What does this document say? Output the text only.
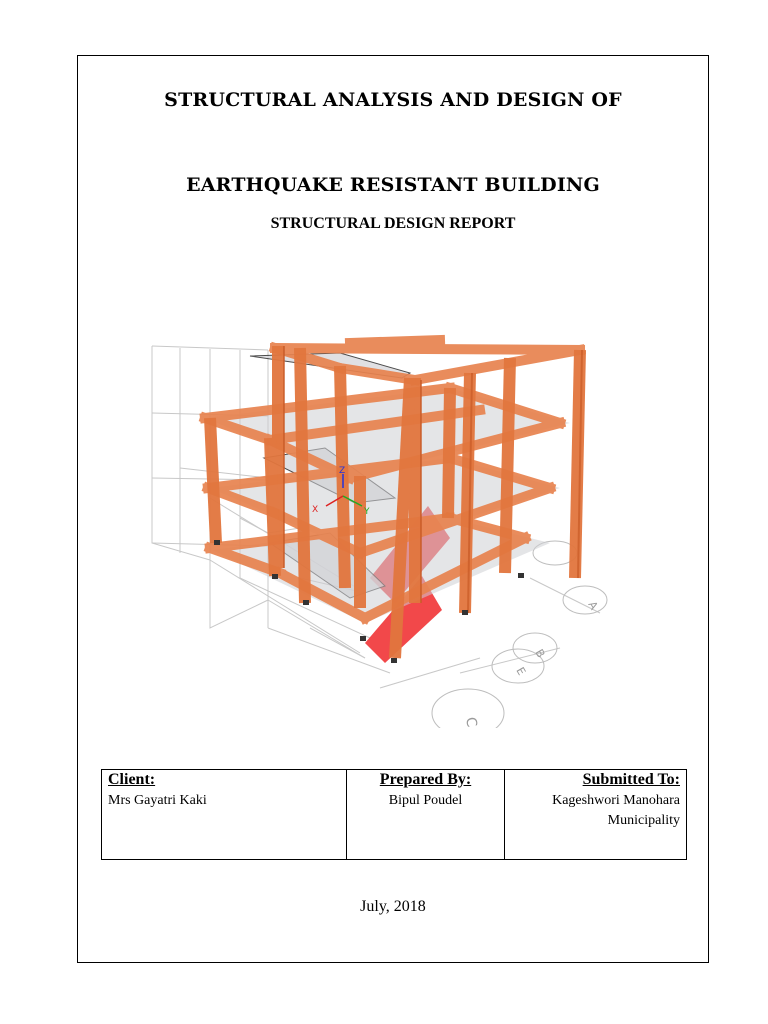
STRUCTURAL ANALYSIS AND DESIGN OF
EARTHQUAKE RESISTANT BUILDING
STRUCTURAL DESIGN REPORT
A
B
E
C
Z
X	Y
Client:
Mrs Gayatri Kaki	
Prepared By:
Bipul Poudel	
Submitted To:
Kageshwori Manohara
Municipality
July, 2018
